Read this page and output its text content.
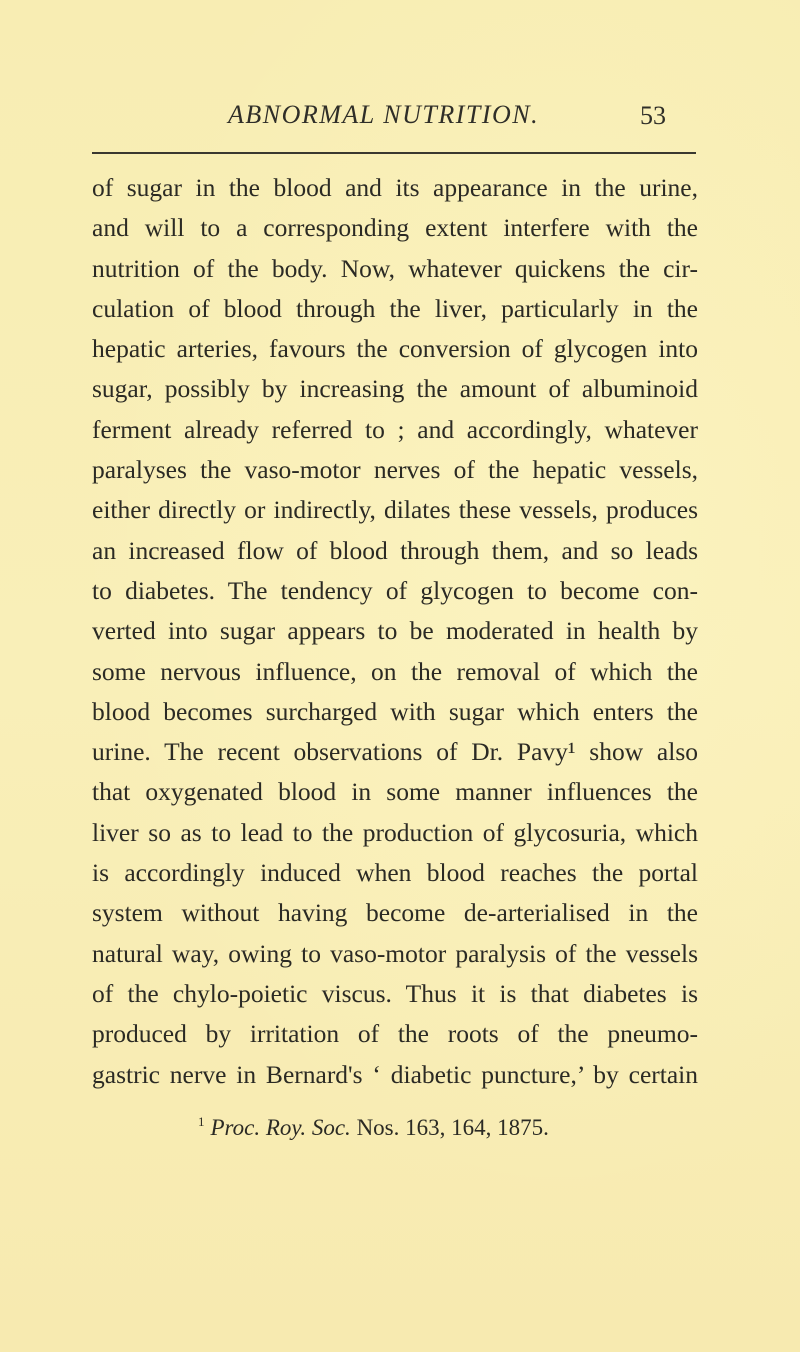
ABNORMAL NUTRITION.	53
of sugar in the blood and its appearance in the urine,
and will to a corresponding extent interfere with the
nutrition of the body. Now, whatever quickens the cir-
culation of blood through the liver, particularly in the
hepatic arteries, favours the conversion of glycogen into
sugar, possibly by increasing the amount of albuminoid
ferment already referred to ; and accordingly, whatever
paralyses the vaso-motor nerves of the hepatic vessels,
either directly or indirectly, dilates these vessels, produces
an increased flow of blood through them, and so leads
to diabetes. The tendency of glycogen to become con-
verted into sugar appears to be moderated in health by
some nervous influence, on the removal of which the
blood becomes surcharged with sugar which enters the
urine. The recent observations of Dr. Pavy¹ show also
that oxygenated blood in some manner influences the
liver so as to lead to the production of glycosuria, which
is accordingly induced when blood reaches the portal
system without having become de-arterialised in the
natural way, owing to vaso-motor paralysis of the vessels
of the chylo-poietic viscus. Thus it is that diabetes is
produced by irritation of the roots of the pneumo-
gastric nerve in Bernard's ‘ diabetic puncture,’ by certain
$^1$ Proc. Roy. Soc. Nos. 163, 164, 1875.
